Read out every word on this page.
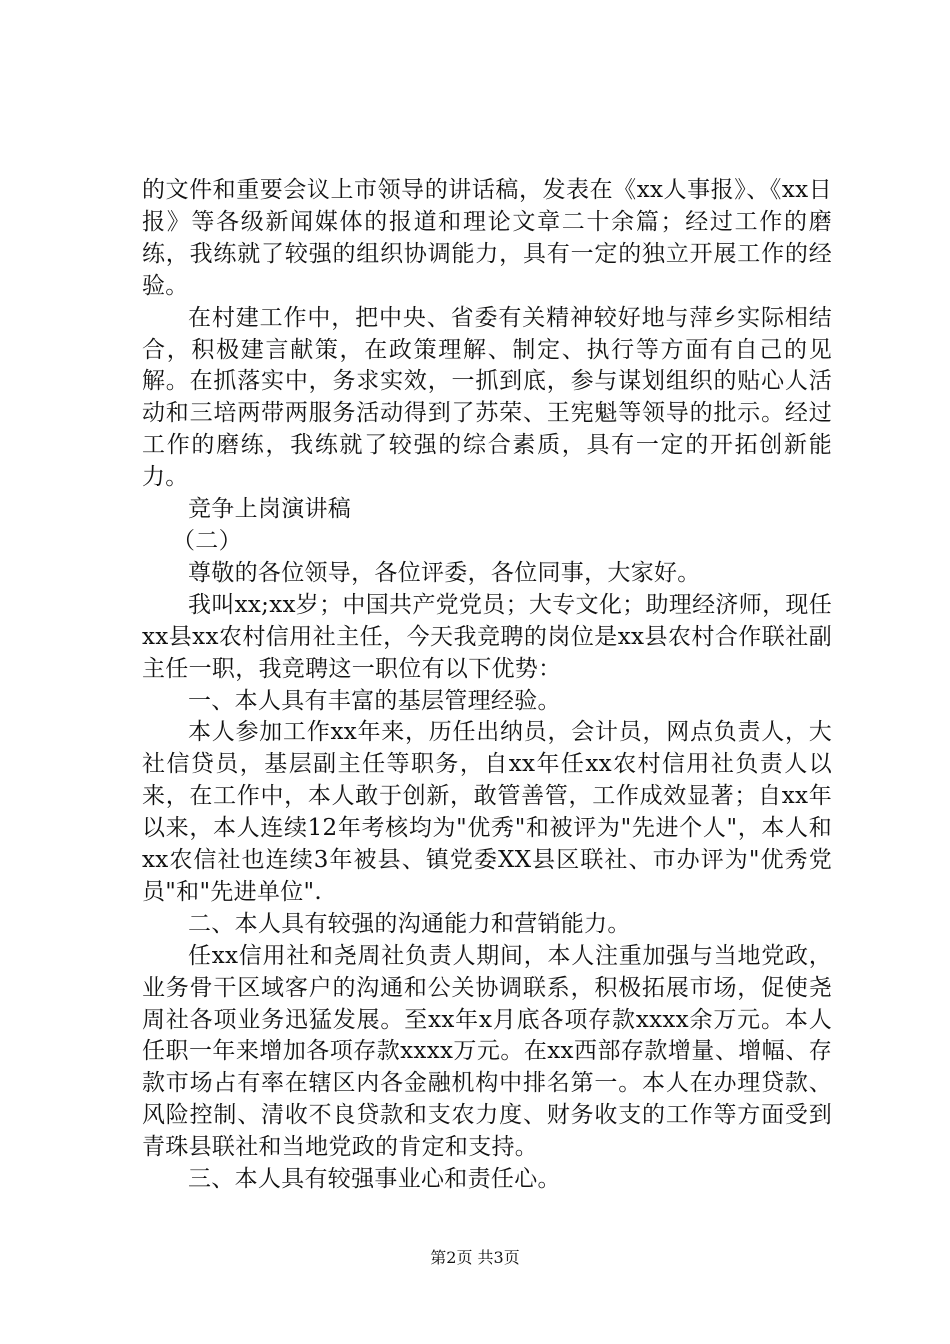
的文件和重要会议上市领导的讲话稿，发表在《xx人事报》、《xx日报》等各级新闻媒体的报道和理论文章二十余篇；经过工作的磨练，我练就了较强的组织协调能力，具有一定的独立开展工作的经验。

在村建工作中，把中央、省委有关精神较好地与萍乡实际相结合，积极建言献策，在政策理解、制定、执行等方面有自己的见解。在抓落实中，务求实效，一抓到底，参与谋划组织的贴心人活动和三培两带两服务活动得到了苏荣、王宪魁等领导的批示。经过工作的磨练，我练就了较强的综合素质，具有一定的开拓创新能力。

竞争上岗演讲稿

（二）

尊敬的各位领导，各位评委，各位同事，大家好。

我叫xx;xx岁；中国共产党党员；大专文化；助理经济师，现任xx县xx农村信用社主任，今天我竞聘的岗位是xx县农村合作联社副主任一职，我竞聘这一职位有以下优势：

一、本人具有丰富的基层管理经验。

本人参加工作xx年来，历任出纳员，会计员，网点负责人，大社信贷员，基层副主任等职务，自xx年任xx农村信用社负责人以来，在工作中，本人敢于创新，敢管善管，工作成效显著；自xx年以来，本人连续12年考核均为"优秀"和被评为"先进个人"，本人和xx农信社也连续3年被县、镇党委XX县区联社、市办评为"优秀党员"和"先进单位".

二、本人具有较强的沟通能力和营销能力。

任xx信用社和尧周社负责人期间，本人注重加强与当地党政，业务骨干区域客户的沟通和公关协调联系，积极拓展市场，促使尧周社各项业务迅猛发展。至xx年x月底各项存款xxxx余万元。本人任职一年来增加各项存款xxxx万元。在xx西部存款增量、增幅、存款市场占有率在辖区内各金融机构中排名第一。本人在办理贷款、风险控制、清收不良贷款和支农力度、财务收支的工作等方面受到青珠县联社和当地党政的肯定和支持。

三、本人具有较强事业心和责任心。

第2页 共3页
